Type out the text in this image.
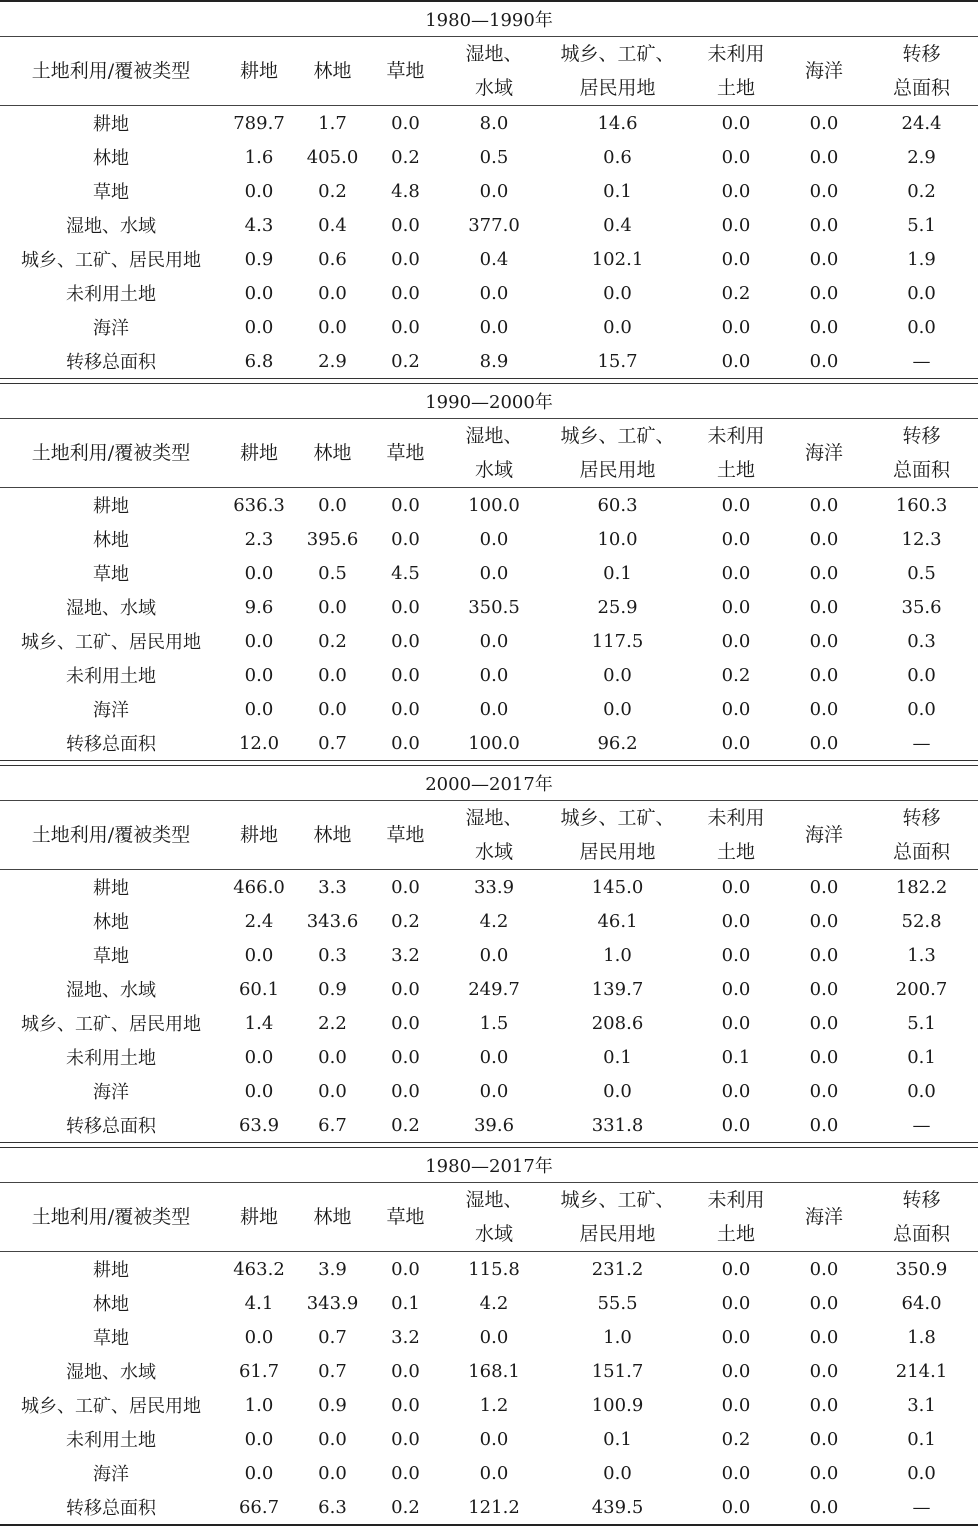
1980—1990年								
土地利用/覆被类型	耕地	林地	草地	湿地、	城乡、工矿、	未利用	海洋	转移
				水域	居民用地	土地		总面积
耕地	789.7	1.7	0.0	8.0	14.6	0.0	0.0	24.4
林地	1.6	405.0	0.2	0.5	0.6	0.0	0.0	2.9
草地	0.0	0.2	4.8	0.0	0.1	0.0	0.0	0.2
湿地、水域	4.3	0.4	0.0	377.0	0.4	0.0	0.0	5.1
城乡、工矿、居民用地	0.9	0.6	0.0	0.4	102.1	0.0	0.0	1.9
未利用土地	0.0	0.0	0.0	0.0	0.0	0.2	0.0	0.0
海洋	0.0	0.0	0.0	0.0	0.0	0.0	0.0	0.0
转移总面积	6.8	2.9	0.2	8.9	15.7	0.0	0.0	—

1990—2000年								
土地利用/覆被类型	耕地	林地	草地	湿地、	城乡、工矿、	未利用	海洋	转移
				水域	居民用地	土地		总面积
耕地	636.3	0.0	0.0	100.0	60.3	0.0	0.0	160.3
林地	2.3	395.6	0.0	0.0	10.0	0.0	0.0	12.3
草地	0.0	0.5	4.5	0.0	0.1	0.0	0.0	0.5
湿地、水域	9.6	0.0	0.0	350.5	25.9	0.0	0.0	35.6
城乡、工矿、居民用地	0.0	0.2	0.0	0.0	117.5	0.0	0.0	0.3
未利用土地	0.0	0.0	0.0	0.0	0.0	0.2	0.0	0.0
海洋	0.0	0.0	0.0	0.0	0.0	0.0	0.0	0.0
转移总面积	12.0	0.7	0.0	100.0	96.2	0.0	0.0	—

2000—2017年								
土地利用/覆被类型	耕地	林地	草地	湿地、	城乡、工矿、	未利用	海洋	转移
				水域	居民用地	土地		总面积
耕地	466.0	3.3	0.0	33.9	145.0	0.0	0.0	182.2
林地	2.4	343.6	0.2	4.2	46.1	0.0	0.0	52.8
草地	0.0	0.3	3.2	0.0	1.0	0.0	0.0	1.3
湿地、水域	60.1	0.9	0.0	249.7	139.7	0.0	0.0	200.7
城乡、工矿、居民用地	1.4	2.2	0.0	1.5	208.6	0.0	0.0	5.1
未利用土地	0.0	0.0	0.0	0.0	0.1	0.1	0.0	0.1
海洋	0.0	0.0	0.0	0.0	0.0	0.0	0.0	0.0
转移总面积	63.9	6.7	0.2	39.6	331.8	0.0	0.0	—

1980—2017年								
土地利用/覆被类型	耕地	林地	草地	湿地、	城乡、工矿、	未利用	海洋	转移
				水域	居民用地	土地		总面积
耕地	463.2	3.9	0.0	115.8	231.2	0.0	0.0	350.9
林地	4.1	343.9	0.1	4.2	55.5	0.0	0.0	64.0
草地	0.0	0.7	3.2	0.0	1.0	0.0	0.0	1.8
湿地、水域	61.7	0.7	0.0	168.1	151.7	0.0	0.0	214.1
城乡、工矿、居民用地	1.0	0.9	0.0	1.2	100.9	0.0	0.0	3.1
未利用土地	0.0	0.0	0.0	0.0	0.1	0.2	0.0	0.1
海洋	0.0	0.0	0.0	0.0	0.0	0.0	0.0	0.0
转移总面积	66.7	6.3	0.2	121.2	439.5	0.0	0.0	—
